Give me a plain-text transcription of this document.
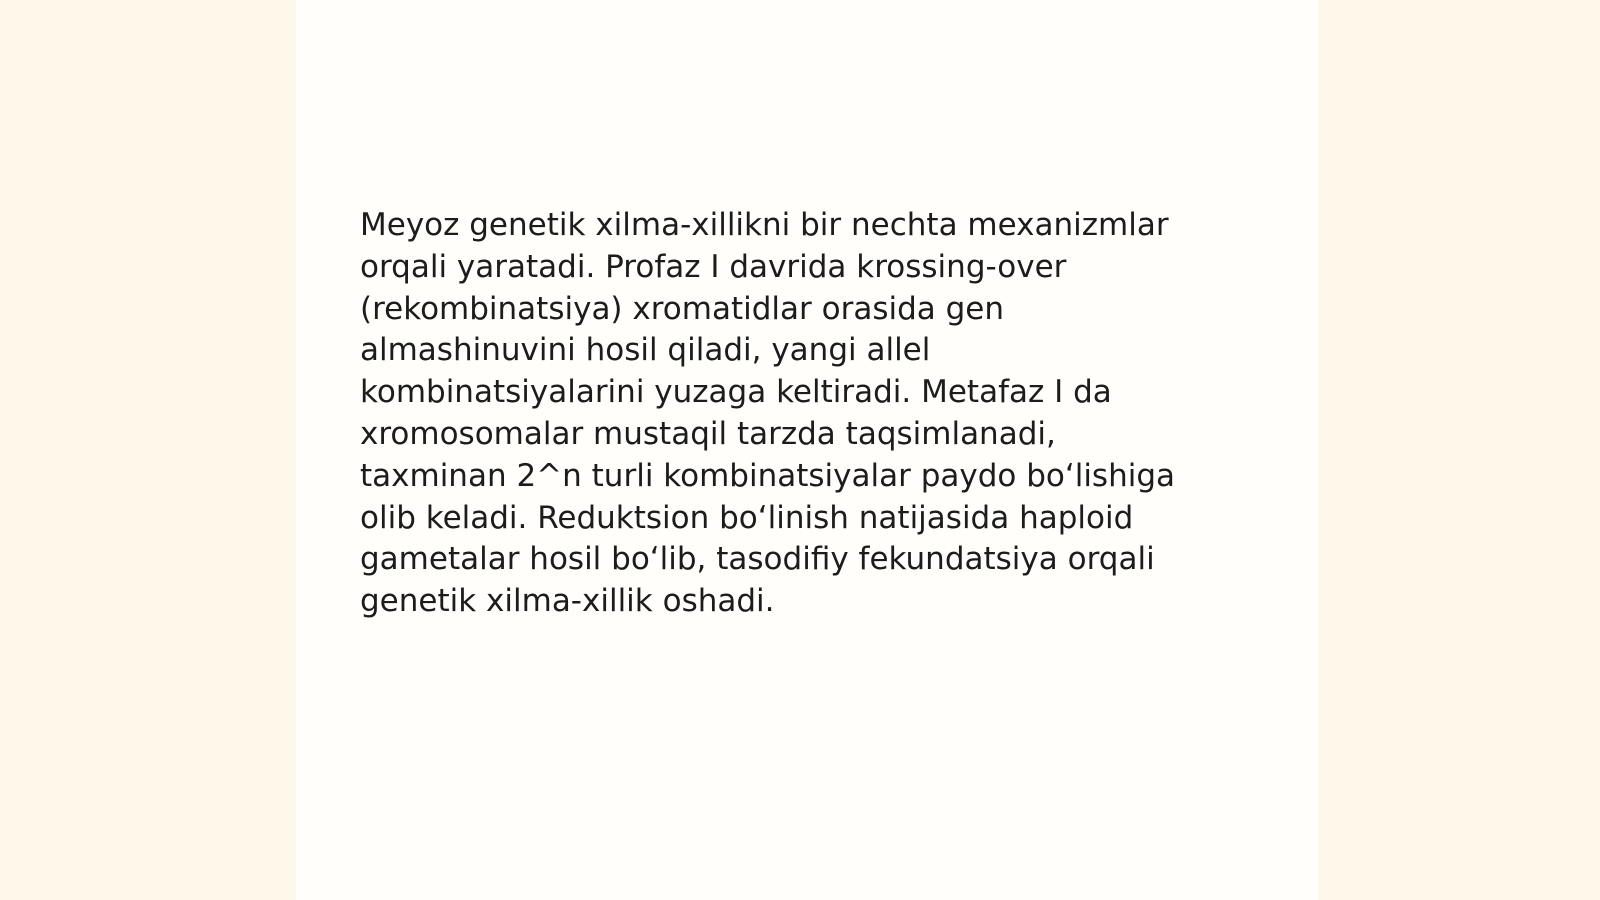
Meyoz genetik xilma-xillikni bir nechta mexanizmlar
orqali yaratadi. Profaz I davrida krossing-over
(rekombinatsiya) xromatidlar orasida gen
almashinuvini hosil qiladi, yangi allel
kombinatsiyalarini yuzaga keltiradi. Metafaz I da
xromosomalar mustaqil tarzda taqsimlanadi,
taxminan 2^n turli kombinatsiyalar paydo bo‘lishiga
olib keladi. Reduktsion bo‘linish natijasida haploid
gametalar hosil bo‘lib, tasodifiy fekundatsiya orqali
genetik xilma-xillik oshadi.
